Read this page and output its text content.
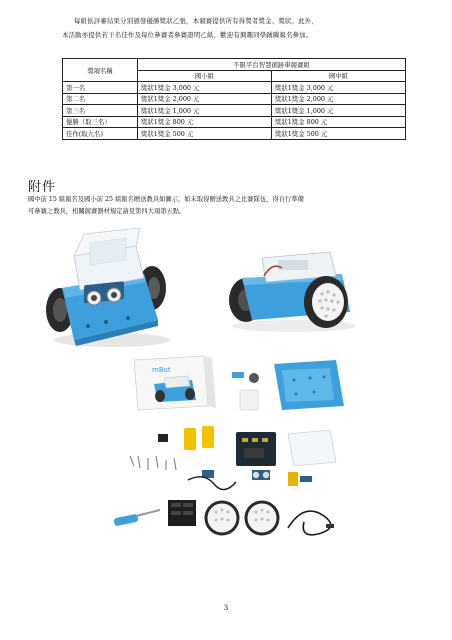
每組依評審結果分別頒發優勝獎狀乙張，本競賽提供所有得獎者獎金、獎狀。此外，

本活動亦提供若干名佳作及每位參賽者參賽證明乙紙，歡迎有興趣同學踴躍報名參加。

獎項名稱	不限平台智慧循跡車競賽組	
	國小組	國中組
第一名	獎狀1獎金 3,000 元	獎狀1獎金 3,000 元
第二名	獎狀1獎金 2,000 元	獎狀1獎金 2,000 元
第三名	獎狀1獎金 1,000 元	獎狀1獎金 1,000 元
優勝（取三名）	獎狀1獎金 800 元	獎狀1獎金 800 元
佳作(取九名)	獎狀1獎金 500 元	獎狀1獎金 500 元
附件

國中前 15 組報名及國小前 25 組報名贈送教具如圖示，如未取得贈送教具之比賽隊伍，得自行準備

可參賽之教具，相關競賽器材規定請見第四大項第五點。

mBot
3
